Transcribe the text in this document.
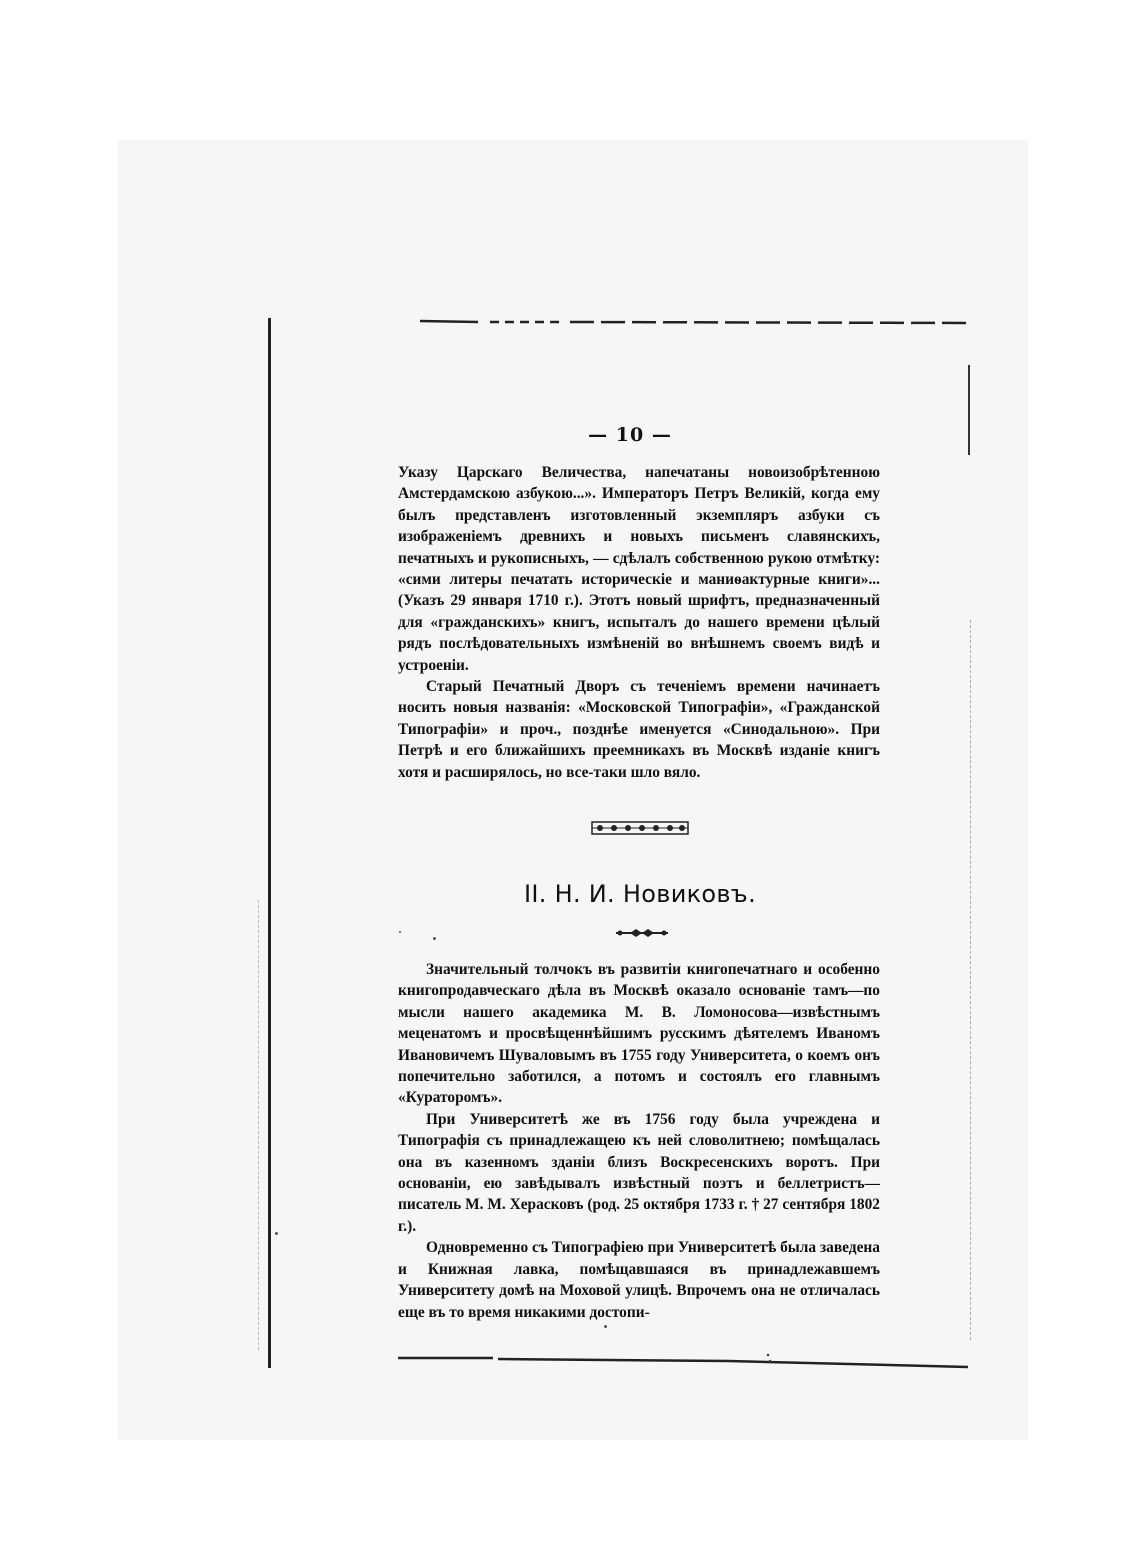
— 10 —

Указу Царскаго Величества, напечатаны новоизобрѣтенною Амстердамскою азбукою...». Императоръ Петръ Великій, когда ему былъ представленъ изготовленный экземпляръ азбуки съ изображеніемъ древнихъ и новыхъ письменъ славянскихъ, печатныхъ и рукописныхъ, — сдѣлалъ собственною рукою отмѣтку: «сими литеры печатать историческіе и маниѳактурные книги»... (Указъ 29 января 1710 г.). Этотъ новый шрифтъ, предназначенный для «гражданскихъ» книгъ, испыталъ до нашего времени цѣлый рядъ послѣдовательныхъ измѣненій во внѣшнемъ своемъ видѣ и устроеніи.

Старый Печатный Дворъ съ теченіемъ времени начинаетъ носить новыя названія: «Московской Типографіи», «Гражданской Типографіи» и проч., позднѣе именуется «Синодальною». При Петрѣ и его ближайшихъ преемникахъ въ Москвѣ изданіе книгъ хотя и расширялось, но все-таки шло вяло.

II. Н. И. Новиковъ.

Значительный толчокъ въ развитіи книгопечатнаго и особенно книгопродавческаго дѣла въ Москвѣ оказало основаніе тамъ—по мысли нашего академика М. В. Ломоносова—извѣстнымъ меценатомъ и просвѣщеннѣйшимъ русскимъ дѣятелемъ Иваномъ Ивановичемъ Шуваловымъ въ 1755 году Университета, о коемъ онъ попечительно заботился, а потомъ и состоялъ его главнымъ «Кураторомъ».

При Университетѣ же въ 1756 году была учреждена и Типографія съ принадлежащею къ ней словолитнею; помѣщалась она въ казенномъ зданіи близъ Воскресенскихъ воротъ. При основаніи, ею завѣдывалъ извѣстный поэтъ и беллетристъ—писатель М. М. Херасковъ (род. 25 октября 1733 г. † 27 сентября 1802 г.).

Одновременно съ Типографіею при Университетѣ была заведена и Книжная лавка, помѣщавшаяся въ принадлежавшемъ Университету домѣ на Моховой улицѣ. Впрочемъ она не отличалась еще въ то время никакими достопи-
